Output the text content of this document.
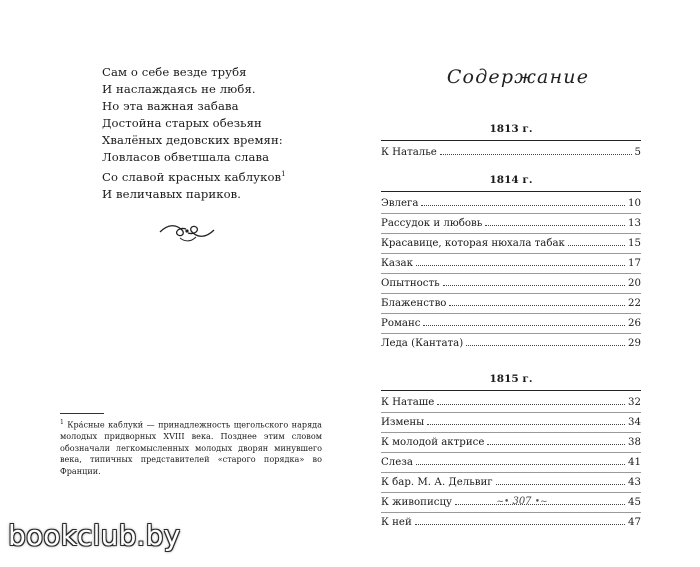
Сам о себе везде трубя
И наслаждаясь не любя.
Но эта важная забава
Достойна старых обезьян
Хвалёных дедовских времян:
Ловласов обветшала слава
Со славой красных каблуков$^1$
И величавых париков.
$^1$ Кра́сные каблуки́ — принадлежность щегольского наряда молодых придворных XVIII века. Позднее этим словом обозначали легкомысленных молодых дворян минувшего века, типичных представителей «старого порядка» во Франции.
Содержание
1813 г.
К Наталье	5
1814 г.
Эвлега	10
Рассудок и любовь	13
Красавице, которая нюхала табак	15
Казак	17
Опытность	20
Блаженство	22
Романс	26
Леда (Кантата)	29
1815 г.
К Наташе	32
Измены	34
К молодой актрисе	38
Слеза	41
К бар. М. А. Дельвиг	43
К живописцу	45
К ней	47
~• 307 •~
bookclub.by
